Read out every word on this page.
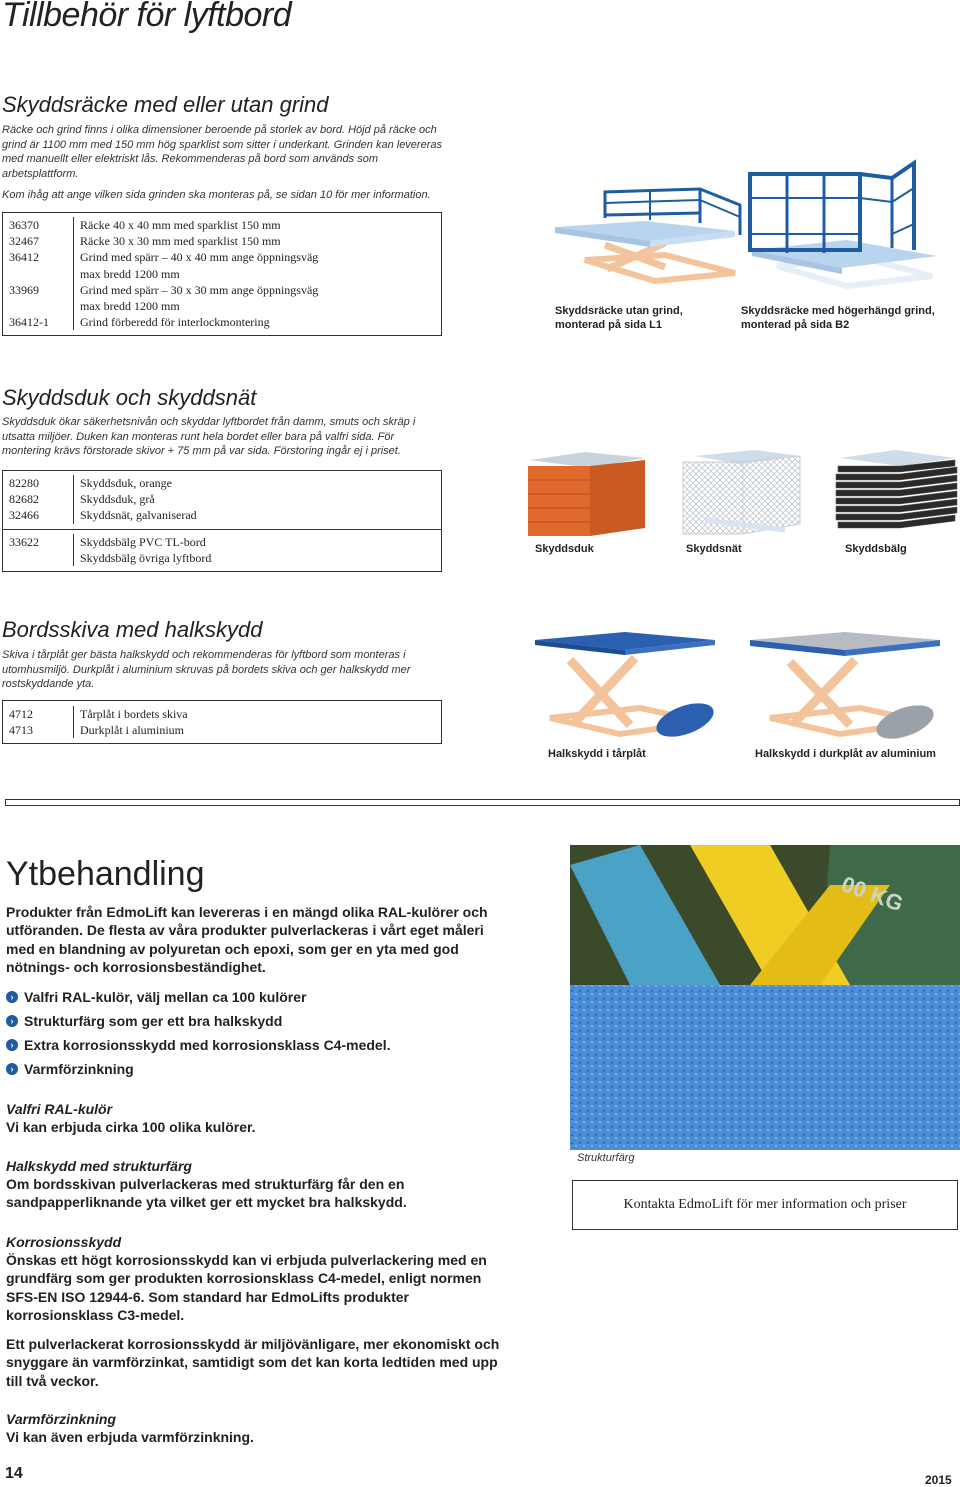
Tillbehör för lyftbord
Skyddsräcke med eller utan grind
Räcke och grind finns i olika dimensioner beroende på storlek av bord. Höjd på räcke och grind är 1100 mm med 150 mm hög sparklist som sitter i underkant. Grinden kan levereras med manuellt eller elektriskt lås. Rekommenderas på bord som används som arbetsplattform.
Kom ihåg att ange vilken sida grinden ska monteras på, se sidan 10 för mer information.
36370	Räcke 40 x 40 mm med sparklist 150 mm
32467	Räcke 30 x 30 mm med sparklist 150 mm
36412	Grind med spärr – 40 x 40 mm ange öppningsväg
max bredd 1200 mm
33969	Grind med spärr – 30 x 30 mm ange öppningsväg
max bredd 1200 mm
36412-1	Grind förberedd för interlockmontering
Skyddsräcke utan grind,
monterad på sida L1
Skyddsräcke med högerhängd grind,
monterad på sida B2
Skyddsduk och skyddsnät
Skyddsduk ökar säkerhetsnivån och skyddar lyftbordet från damm, smuts och skräp i utsatta miljöer. Duken kan monteras runt hela bordet eller bara på valfri sida. För montering krävs förstorade skivor + 75 mm på var sida. Förstoring ingår ej i priset.
82280	Skyddsduk, orange
82682	Skyddsduk, grå
32466	Skyddsnät, galvaniserad
33622	Skyddsbälg PVC TL-bord
Skyddsbälg övriga lyftbord
Skyddsduk	Skyddsnät	Skyddsbälg
Bordsskiva med halkskydd
Skiva i tårplåt ger bästa halkskydd och rekommenderas för lyftbord som monteras i utomhusmiljö. Durkplåt i aluminium skruvas på bordets skiva och ger halkskydd mer rostskyddande yta.
4712	Tårplåt i bordets skiva
4713	Durkplåt i aluminium
Halkskydd i tårplåt	Halkskydd i durkplåt av aluminium
Ytbehandling
Produkter från EdmoLift kan levereras i en mängd olika RAL-kulörer och utföranden. De flesta av våra produkter pulverlackeras i vårt eget måleri med en blandning av polyuretan och epoxi, som ger en yta med god nötnings- och korrosionsbeständighet.
› Valfri RAL-kulör, välj mellan ca 100 kulörer
› Strukturfärg som ger ett bra halkskydd
› Extra korrosionsskydd med korrosionsklass C4-medel.
› Varmförzinkning
Valfri RAL-kulör
Vi kan erbjuda cirka 100 olika kulörer.
Halkskydd med strukturfärg
Om bordsskivan pulverlackeras med strukturfärg får den en sandpapperliknande yta vilket ger ett mycket bra halkskydd.
Korrosionsskydd
Önskas ett högt korrosionsskydd kan vi erbjuda pulverlackering med en grundfärg som ger produkten korrosionsklass C4-medel, enligt normen SFS-EN ISO 12944-6. Som standard har EdmoLifts produkter korrosionsklass C3-medel.
Ett pulverlackerat korrosionsskydd är miljövänligare, mer ekonomiskt och snyggare än varmförzinkat, samtidigt som det kan korta ledtiden med upp till två veckor.
Varmförzinkning
Vi kan även erbjuda varmförzinkning.
00 KG
Strukturfärg
Kontakta EdmoLift för mer information och priser
14	2015
